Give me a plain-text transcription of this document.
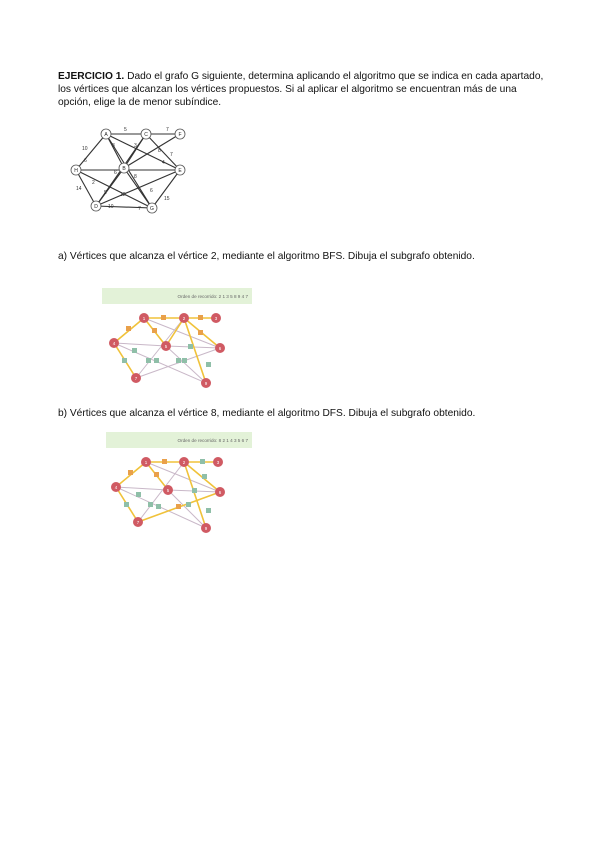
EJERCICIO 1. Dado el grafo G siguiente, determina aplicando el algoritmo que se indica en cada apartado, los vértices que alcanzan los vértices propuestos. Si al aplicar el algoritmo se encuentran más de una opción, elige la de menor subíndice.
5	7
10	3	3
6
8
4
7
6
2
14
5
8
6
10	7
15
12
A	C	F
H	B	E
D	G
a) Vértices que alcanza el vértice 2, mediante el algoritmo BFS. Dibuja el subgrafo obtenido.
Orden de recorrido: 2 1 3 5 8 9 4 7
1	2	3
4
5	6
7
9
b) Vértices que alcanza el vértice 8, mediante el algoritmo DFS. Dibuja el subgrafo obtenido.
Orden de recorrido: 8 2 1 4 3 5 6 7
1	2	3
4
5	6
7
9
